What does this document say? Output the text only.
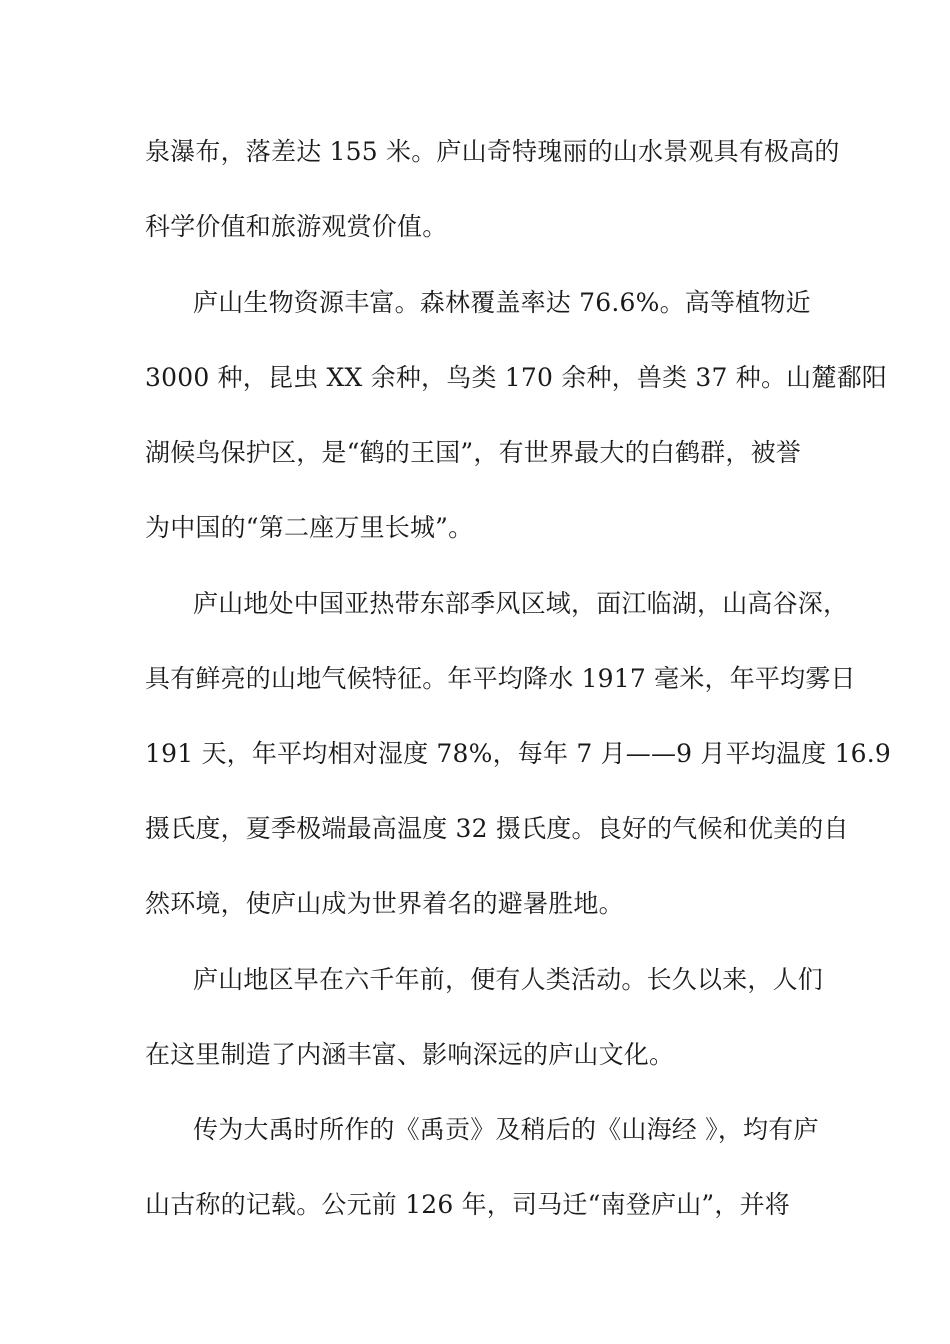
泉瀑布，落差达 155 米。庐山奇特瑰丽的山水景观具有极高的
科学价值和旅游观赏价值。
庐山生物资源丰富。森林覆盖率达 76.6%。高等植物近
3000 种，昆虫 XX 余种，鸟类 170 余种，兽类 37 种。山麓鄱阳
湖候鸟保护区，是“鹤的王国”，有世界最大的白鹤群，被誉
为中国的“第二座万里长城”。
庐山地处中国亚热带东部季风区域，面江临湖，山高谷深，
具有鲜亮的山地气候特征。年平均降水 1917 毫米，年平均雾日
191 天，年平均相对湿度 78%，每年 7 月——9 月平均温度 16.9
摄氏度，夏季极端最高温度 32 摄氏度。良好的气候和优美的自
然环境，使庐山成为世界着名的避暑胜地。
庐山地区早在六千年前，便有人类活动。长久以来，人们
在这里制造了内涵丰富、影响深远的庐山文化。
传为大禹时所作的《禹贡》及稍后的《山海经 》，均有庐
山古称的记载。公元前 126 年，司马迁“南登庐山”，并将
